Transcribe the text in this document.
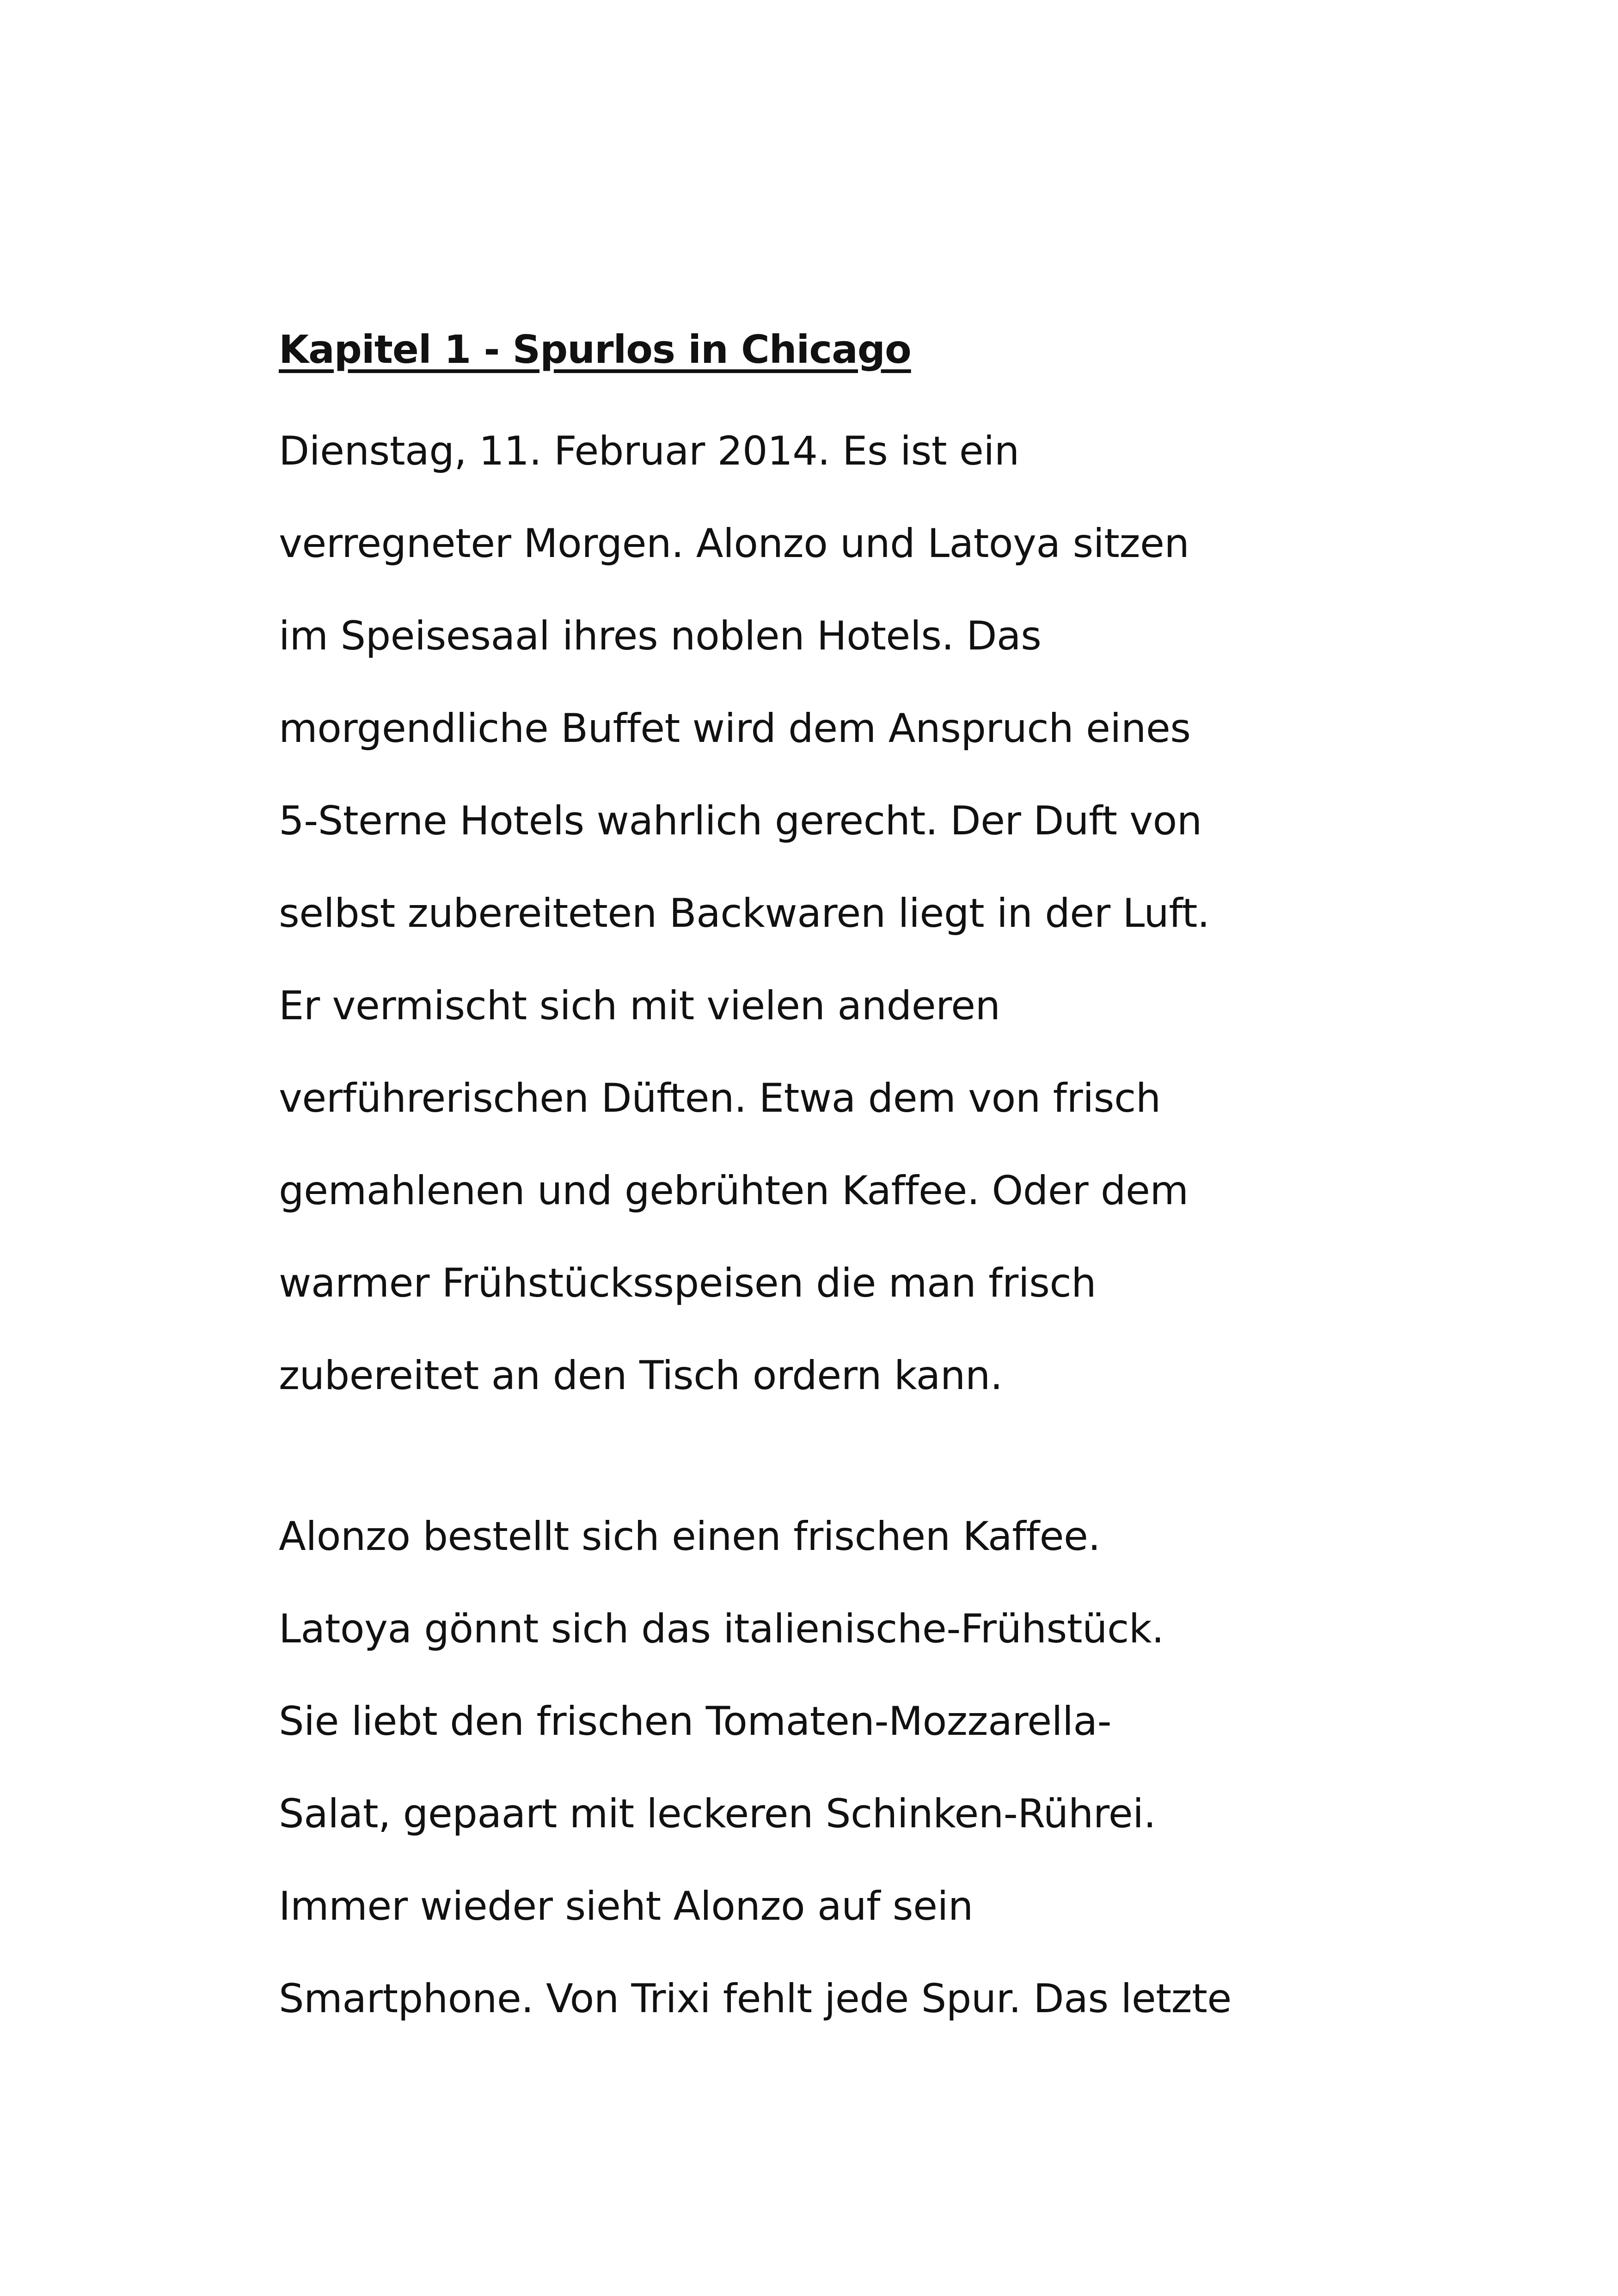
Kapitel 1 - Spurlos in Chicago
Dienstag, 11. Februar 2014. Es ist ein
verregneter Morgen. Alonzo und Latoya sitzen
im Speisesaal ihres noblen Hotels. Das
morgendliche Buffet wird dem Anspruch eines
5-Sterne Hotels wahrlich gerecht. Der Duft von
selbst zubereiteten Backwaren liegt in der Luft.
Er vermischt sich mit vielen anderen
verführerischen Düften. Etwa dem von frisch
gemahlenen und gebrühten Kaffee. Oder dem
warmer Frühstücksspeisen die man frisch
zubereitet an den Tisch ordern kann.
Alonzo bestellt sich einen frischen Kaffee.
Latoya gönnt sich das italienische-Frühstück.
Sie liebt den frischen Tomaten-Mozzarella-
Salat, gepaart mit leckeren Schinken-Rührei.
Immer wieder sieht Alonzo auf sein
Smartphone. Von Trixi fehlt jede Spur. Das letzte
